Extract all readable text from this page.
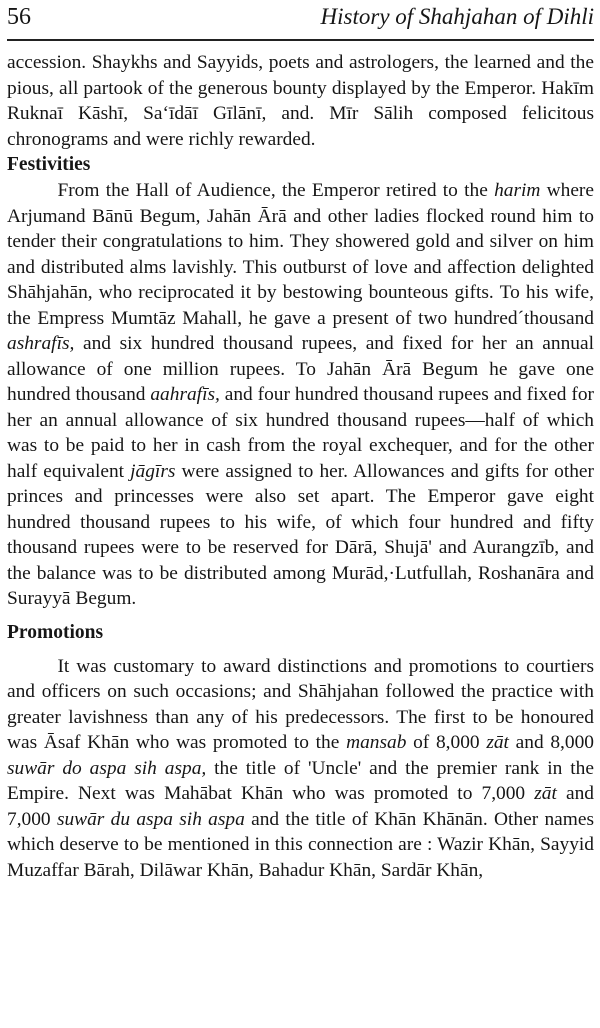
56	History of Shahjahan of Dihli

accession. Shaykhs and Sayyids, poets and astrologers, the learned and the pious, all partook of the generous bounty displayed by the Emperor. Hakīm Ruknaī Kāshī, Sa‘īdāī Gīlānī, and. Mīr Sālih composed felicitous chronograms and were richly rewarded.

Festivities

From the Hall of Audience, the Emperor retired to the harim where Arjumand Bānū Begum, Jahān Ārā and other ladies flocked round him to tender their congratulations to him. They showered gold and silver on him and distributed alms lavishly. This outburst of love and affection delighted Shāhjahān, who reciprocated it by bestowing bounteous gifts. To his wife, the Empress Mumtāz Mahall, he gave a present of two hundred´thousand ashrafīs, and six hundred thousand rupees, and fixed for her an annual allowance of one million rupees. To Jahān Ārā Begum he gave one hundred thousand aahrafīs, and four hundred thousand rupees and fixed for her an annual allowance of six hundred thousand rupees—half of which was to be paid to her in cash from the royal exchequer, and for the other half equivalent jāgīrs were assigned to her. Allowances and gifts for other princes and princesses were also set apart. The Emperor gave eight hundred thousand rupees to his wife, of which four hundred and fifty thousand rupees were to be reserved for Dārā, Shujā' and Aurangzīb, and the balance was to be distributed among Murād,·Lutfullah, Roshanāra and Surayyā Begum.

Promotions

It was customary to award distinctions and promotions to courtiers and officers on such occasions; and Shāhjahan followed the practice with greater lavishness than any of his predecessors. The first to be honoured was Āsaf Khān who was promoted to the mansab of 8,000 zāt and 8,000 suwār do aspa sih aspa, the title of 'Uncle' and the premier rank in the Empire. Next was Mahābat Khān who was promoted to 7,000 zāt and 7,000 suwār du aspa sih aspa and the title of Khān Khānān. Other names which deserve to be mentioned in this connection are : Wazir Khān, Sayyid Muzaffar Bārah, Dilāwar Khān, Bahadur Khān, Sardār Khān,
